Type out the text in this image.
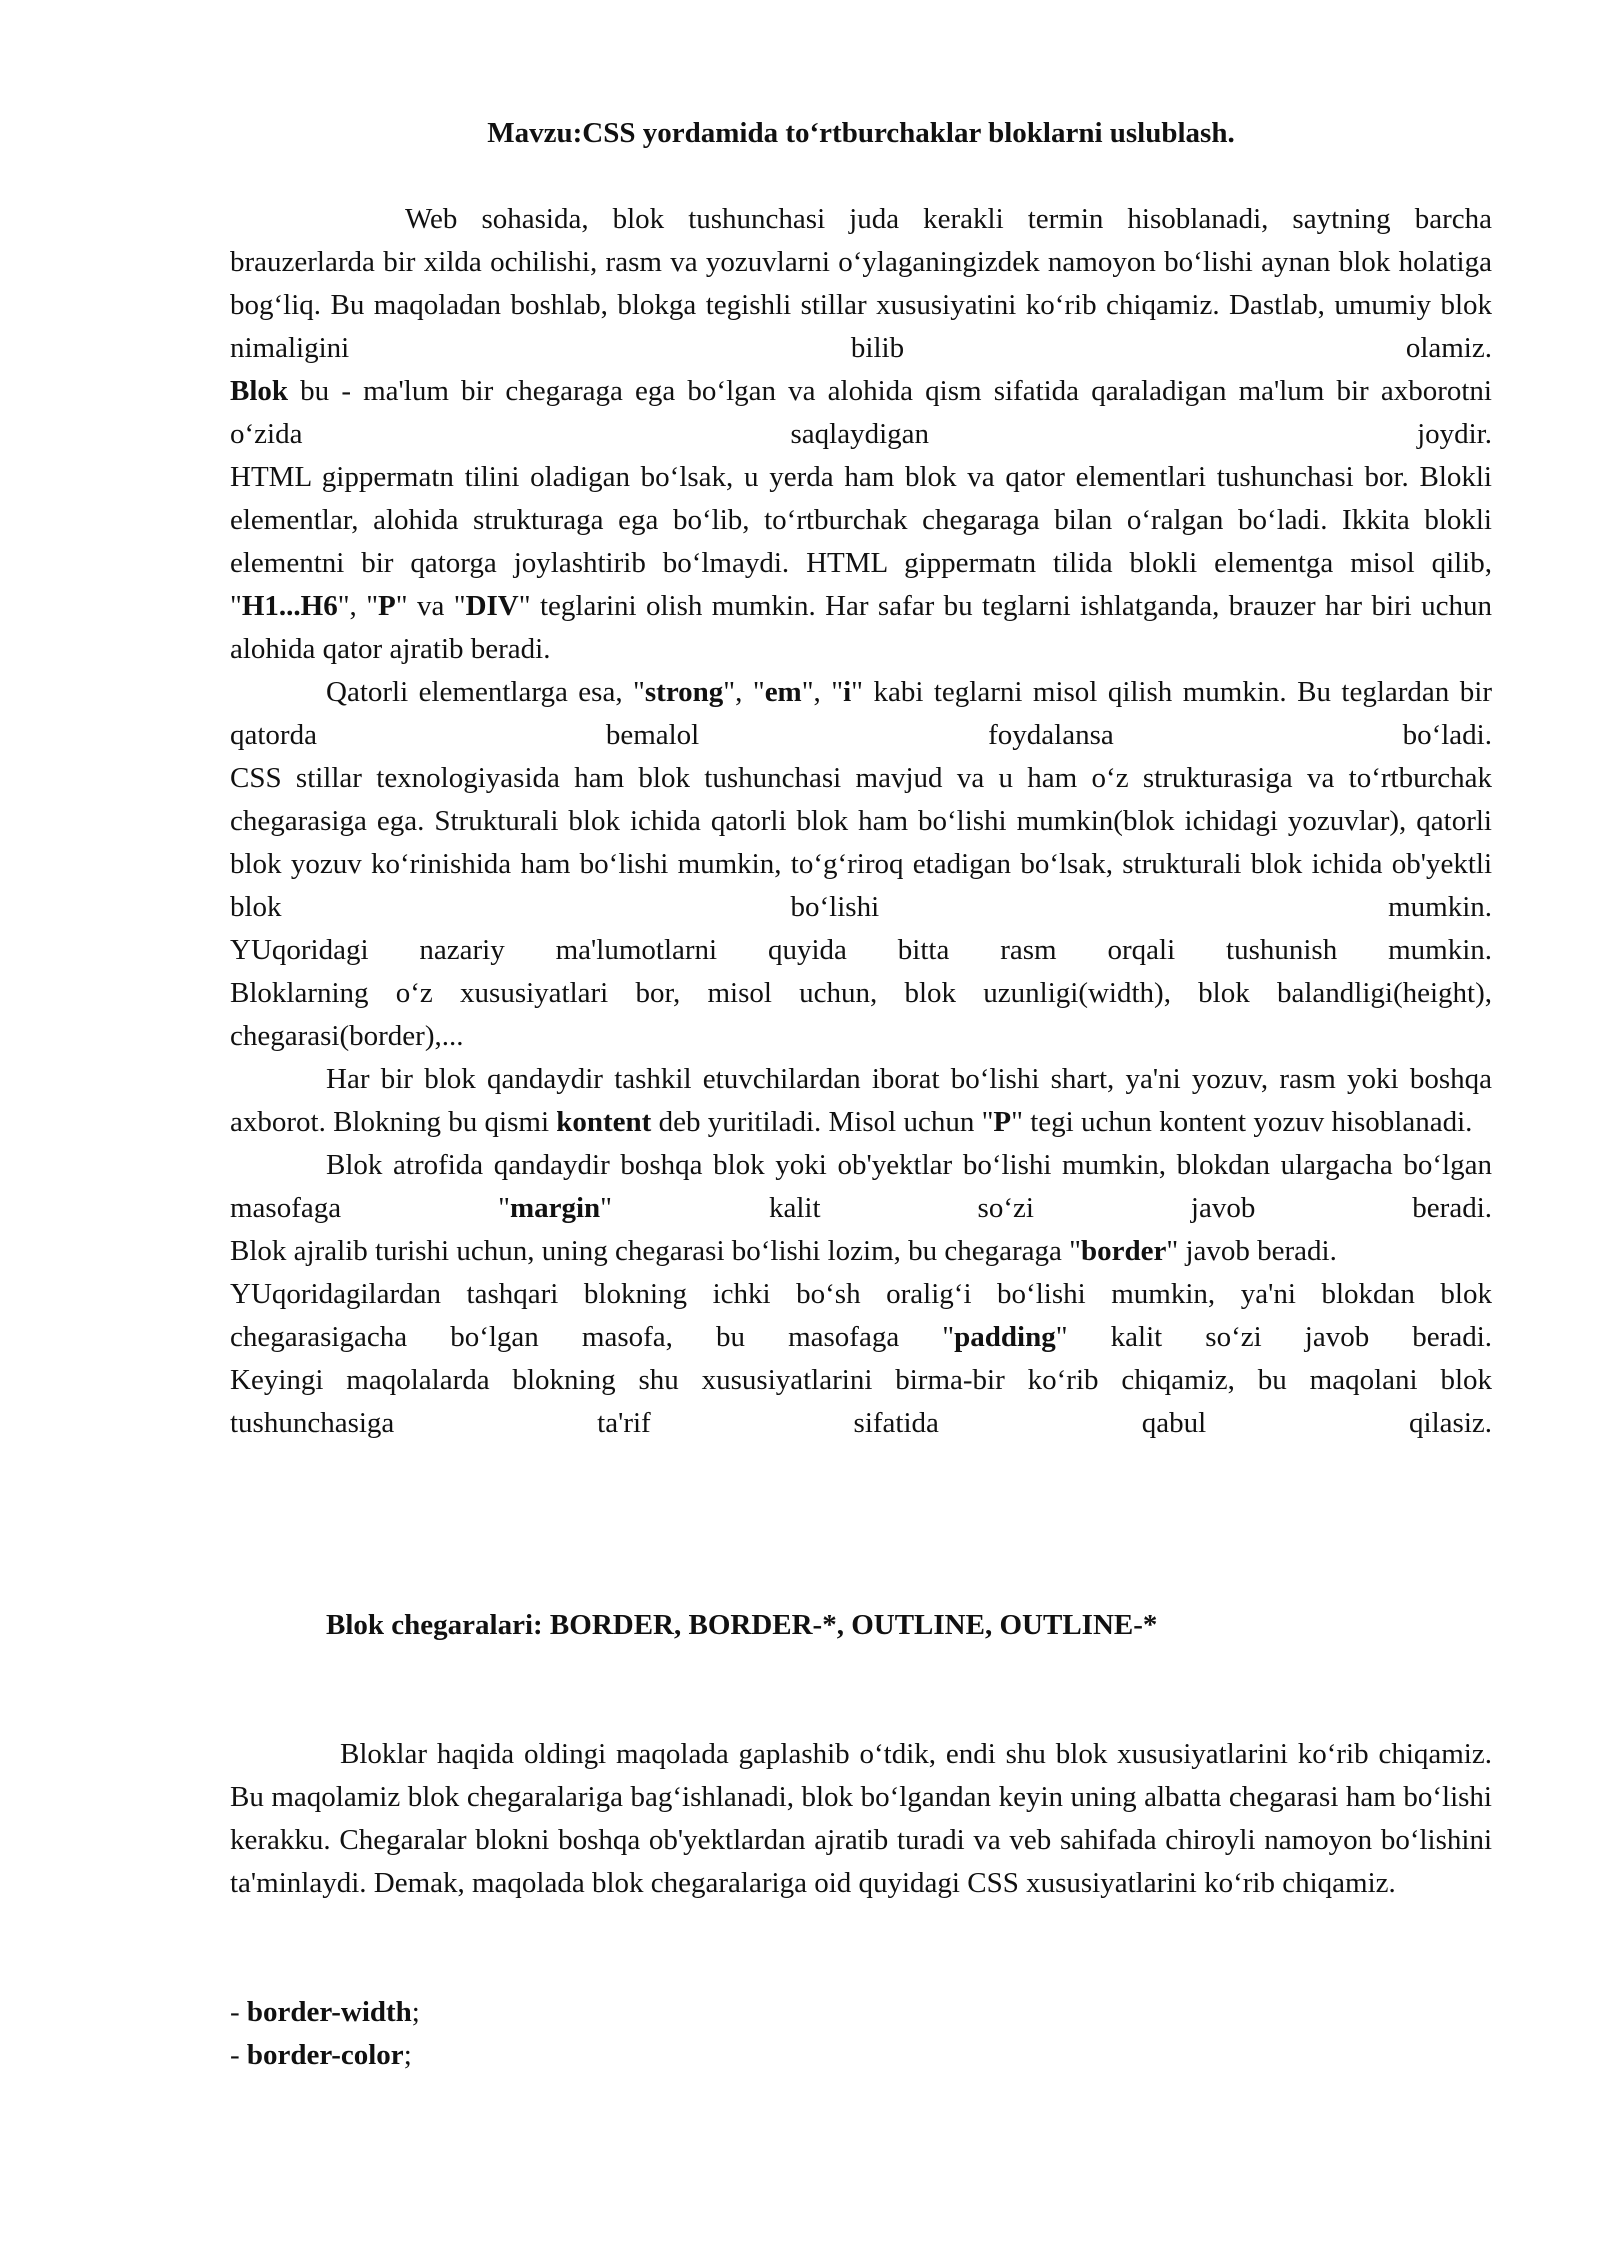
Mavzu:CSS yordamida to‘rtburchaklar bloklarni uslublash.

Web sohasida, blok tushunchasi juda kerakli termin hisoblanadi, saytning barcha brauzerlarda bir xilda ochilishi, rasm va yozuvlarni o‘ylaganingizdek namoyon bo‘lishi aynan blok holatiga bog‘liq. Bu maqoladan boshlab, blokga tegishli stillar xususiyatini ko‘rib chiqamiz. Dastlab, umumiy blok nimaligini bilib olamiz.

Blok bu - ma'lum bir chegaraga ega bo‘lgan va alohida qism sifatida qaraladigan ma'lum bir axborotni o‘zida saqlaydigan joydir.

HTML gippermatn tilini oladigan bo‘lsak, u yerda ham blok va qator elementlari tushunchasi bor. Blokli elementlar, alohida strukturaga ega bo‘lib, to‘rtburchak chegaraga bilan o‘ralgan bo‘ladi. Ikkita blokli elementni bir qatorga joylashtirib bo‘lmaydi. HTML gippermatn tilida blokli elementga misol qilib, "H1...H6", "P" va "DIV" teglarini olish mumkin. Har safar bu teglarni ishlatganda, brauzer har biri uchun alohida qator ajratib beradi.

Qatorli elementlarga esa, "strong", "em", "i" kabi teglarni misol qilish mumkin. Bu teglardan bir qatorda bemalol foydalansa bo‘ladi.

CSS stillar texnologiyasida ham blok tushunchasi mavjud va u ham o‘z strukturasiga va to‘rtburchak chegarasiga ega. Strukturali blok ichida qatorli blok ham bo‘lishi mumkin(blok ichidagi yozuvlar), qatorli blok yozuv ko‘rinishida ham bo‘lishi mumkin, to‘g‘riroq etadigan bo‘lsak, strukturali blok ichida ob'yektli blok bo‘lishi mumkin.

YUqoridagi nazariy ma'lumotlarni quyida bitta rasm orqali tushunish mumkin.

Bloklarning o‘z xususiyatlari bor, misol uchun, blok uzunligi(width), blok balandligi(height), chegarasi(border),...

Har bir blok qandaydir tashkil etuvchilardan iborat bo‘lishi shart, ya'ni yozuv, rasm yoki boshqa axborot. Blokning bu qismi kontent deb yuritiladi. Misol uchun "P" tegi uchun kontent yozuv hisoblanadi.

Blok atrofida qandaydir boshqa blok yoki ob'yektlar bo‘lishi mumkin, blokdan ulargacha bo‘lgan masofaga "margin" kalit so‘zi javob beradi.

Blok ajralib turishi uchun, uning chegarasi bo‘lishi lozim, bu chegaraga "border" javob beradi.

YUqoridagilardan tashqari blokning ichki bo‘sh oralig‘i bo‘lishi mumkin, ya'ni blokdan blok chegarasigacha bo‘lgan masofa, bu masofaga "padding" kalit so‘zi javob beradi.

Keyingi maqolalarda blokning shu xususiyatlarini birma-bir ko‘rib chiqamiz, bu maqolani blok tushunchasiga ta'rif sifatida qabul qilasiz.

Blok chegaralari: BORDER, BORDER-*, OUTLINE, OUTLINE-*

Bloklar haqida oldingi maqolada gaplashib o‘tdik, endi shu blok xususiyatlarini ko‘rib chiqamiz. Bu maqolamiz blok chegaralariga bag‘ishlanadi, blok bo‘lgandan keyin uning albatta chegarasi ham bo‘lishi kerakku. Chegaralar blokni boshqa ob'yektlardan ajratib turadi va veb sahifada chiroyli namoyon bo‘lishini ta'minlaydi. Demak, maqolada blok chegaralariga oid quyidagi CSS xususiyatlarini ko‘rib chiqamiz.

- border-width;
- border-color;
